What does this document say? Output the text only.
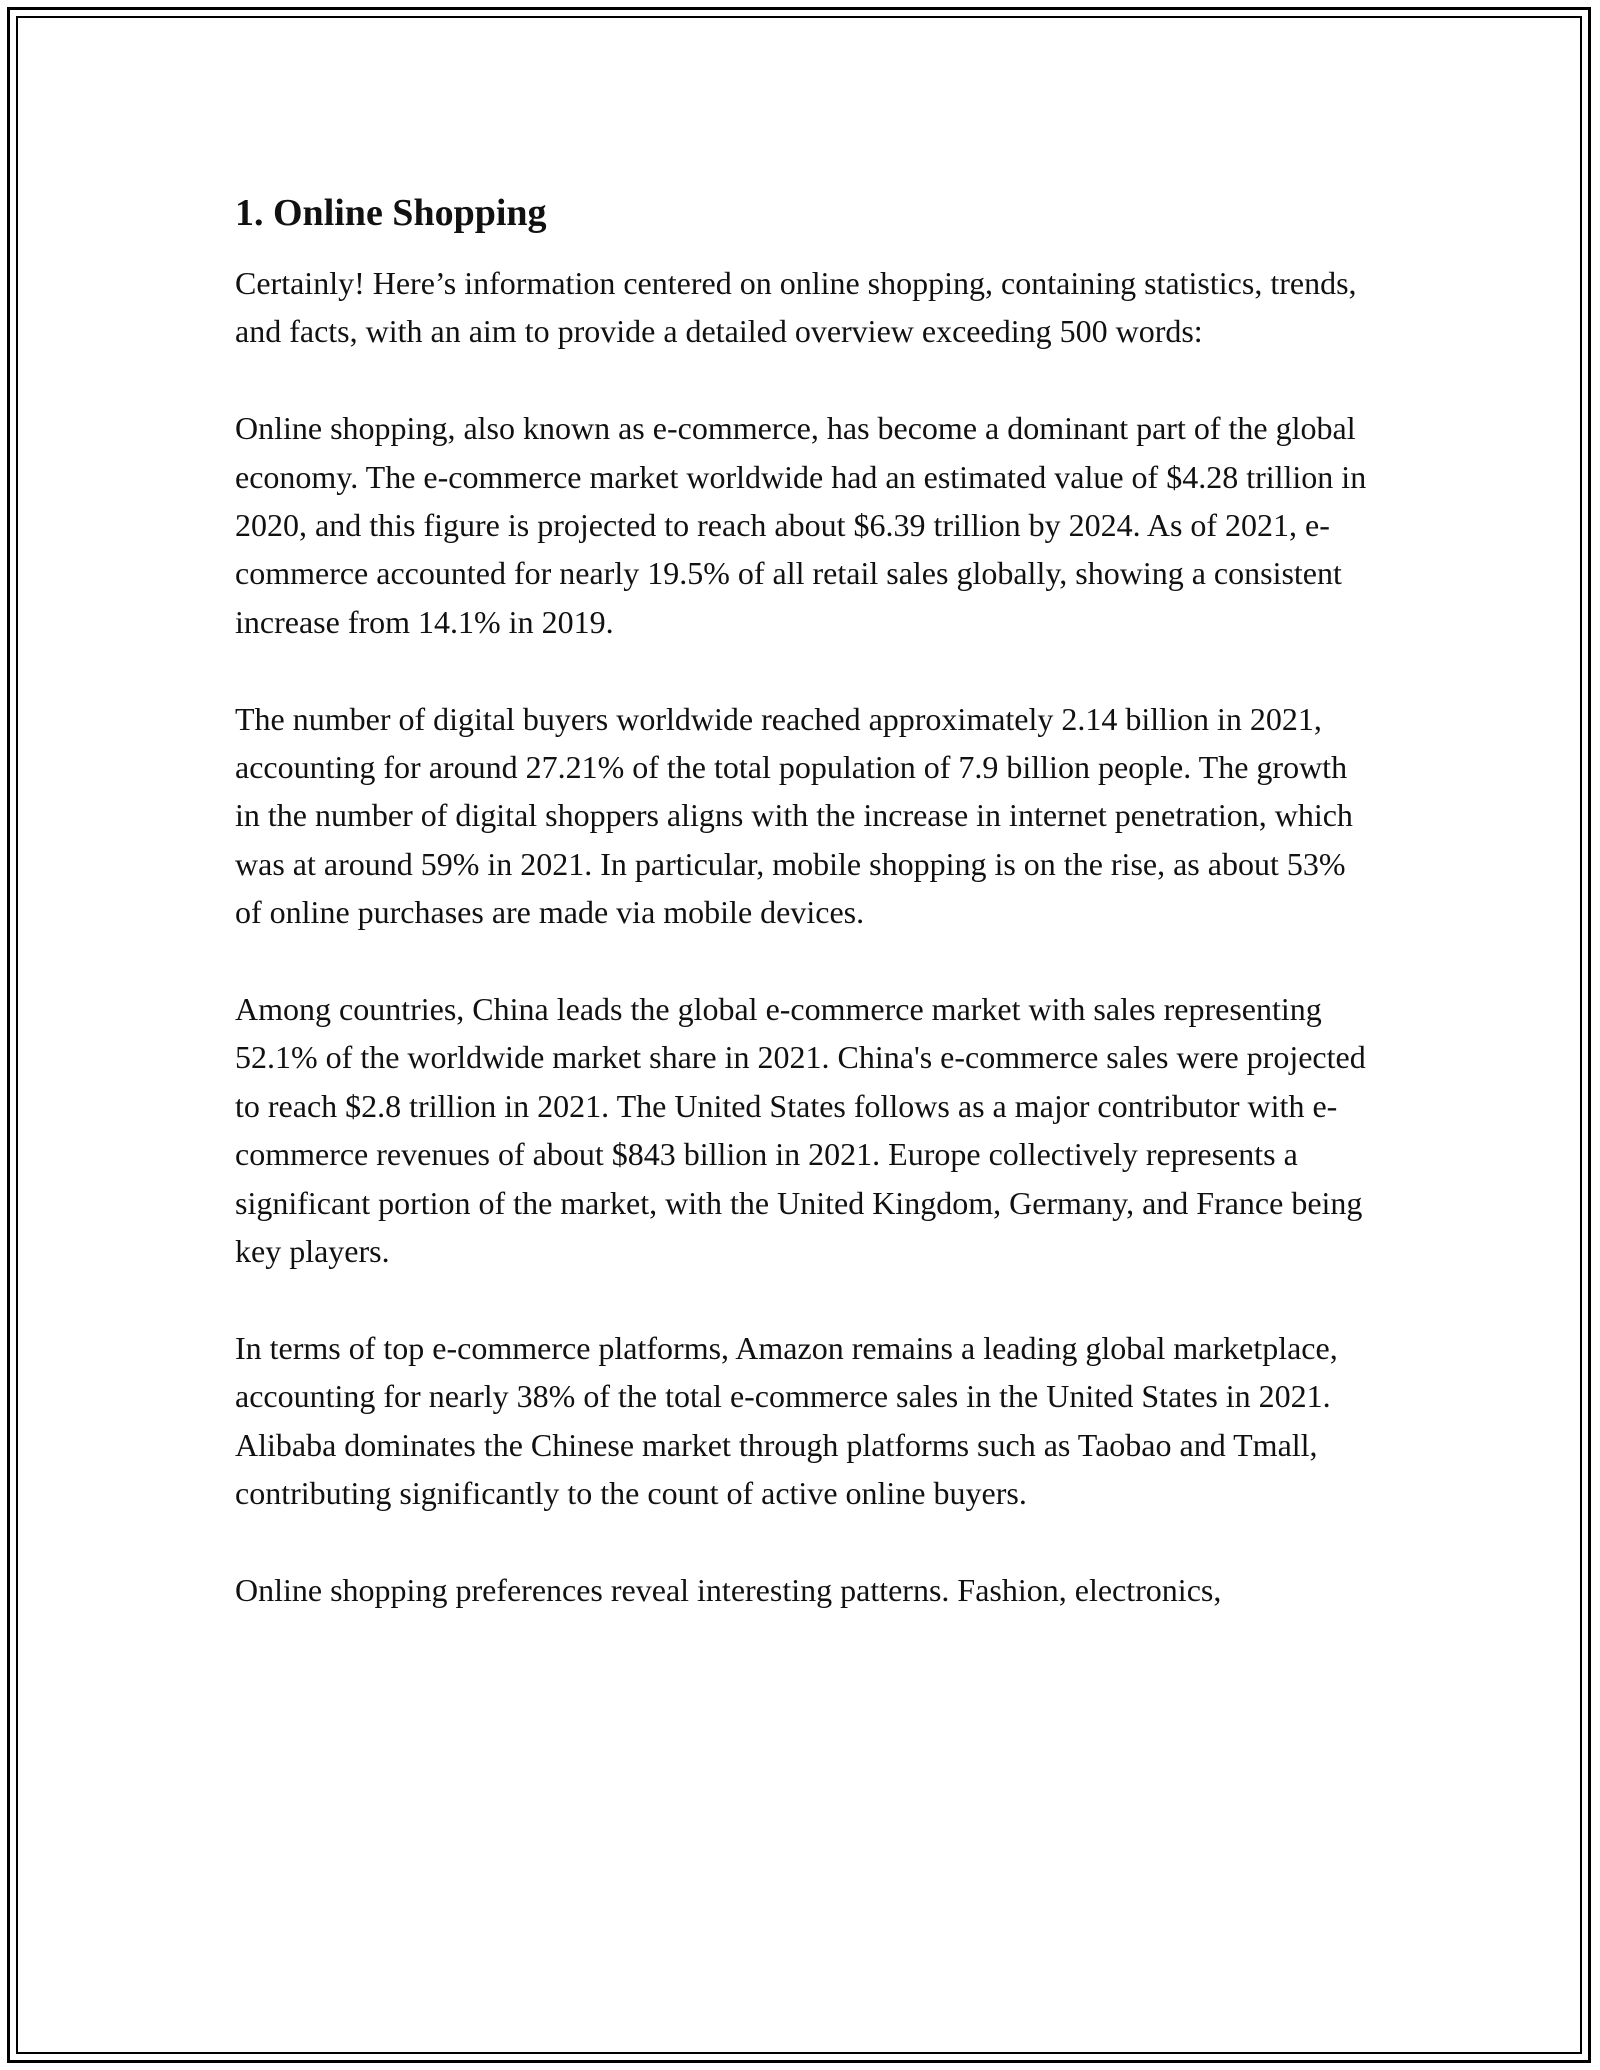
1. Online Shopping

Certainly! Here’s information centered on online shopping, containing statistics, trends, and facts, with an aim to provide a detailed overview exceeding 500 words:

Online shopping, also known as e-commerce, has become a dominant part of the global economy. The e-commerce market worldwide had an estimated value of $4.28 trillion in 2020, and this figure is projected to reach about $6.39 trillion by 2024. As of 2021, e-commerce accounted for nearly 19.5% of all retail sales globally, showing a consistent increase from 14.1% in 2019.

The number of digital buyers worldwide reached approximately 2.14 billion in 2021, accounting for around 27.21% of the total population of 7.9 billion people. The growth in the number of digital shoppers aligns with the increase in internet penetration, which was at around 59% in 2021. In particular, mobile shopping is on the rise, as about 53% of online purchases are made via mobile devices.

Among countries, China leads the global e-commerce market with sales representing 52.1% of the worldwide market share in 2021. China's e-commerce sales were projected to reach $2.8 trillion in 2021. The United States follows as a major contributor with e-commerce revenues of about $843 billion in 2021. Europe collectively represents a significant portion of the market, with the United Kingdom, Germany, and France being key players.

In terms of top e-commerce platforms, Amazon remains a leading global marketplace, accounting for nearly 38% of the total e-commerce sales in the United States in 2021. Alibaba dominates the Chinese market through platforms such as Taobao and Tmall, contributing significantly to the count of active online buyers.

Online shopping preferences reveal interesting patterns. Fashion, electronics,
